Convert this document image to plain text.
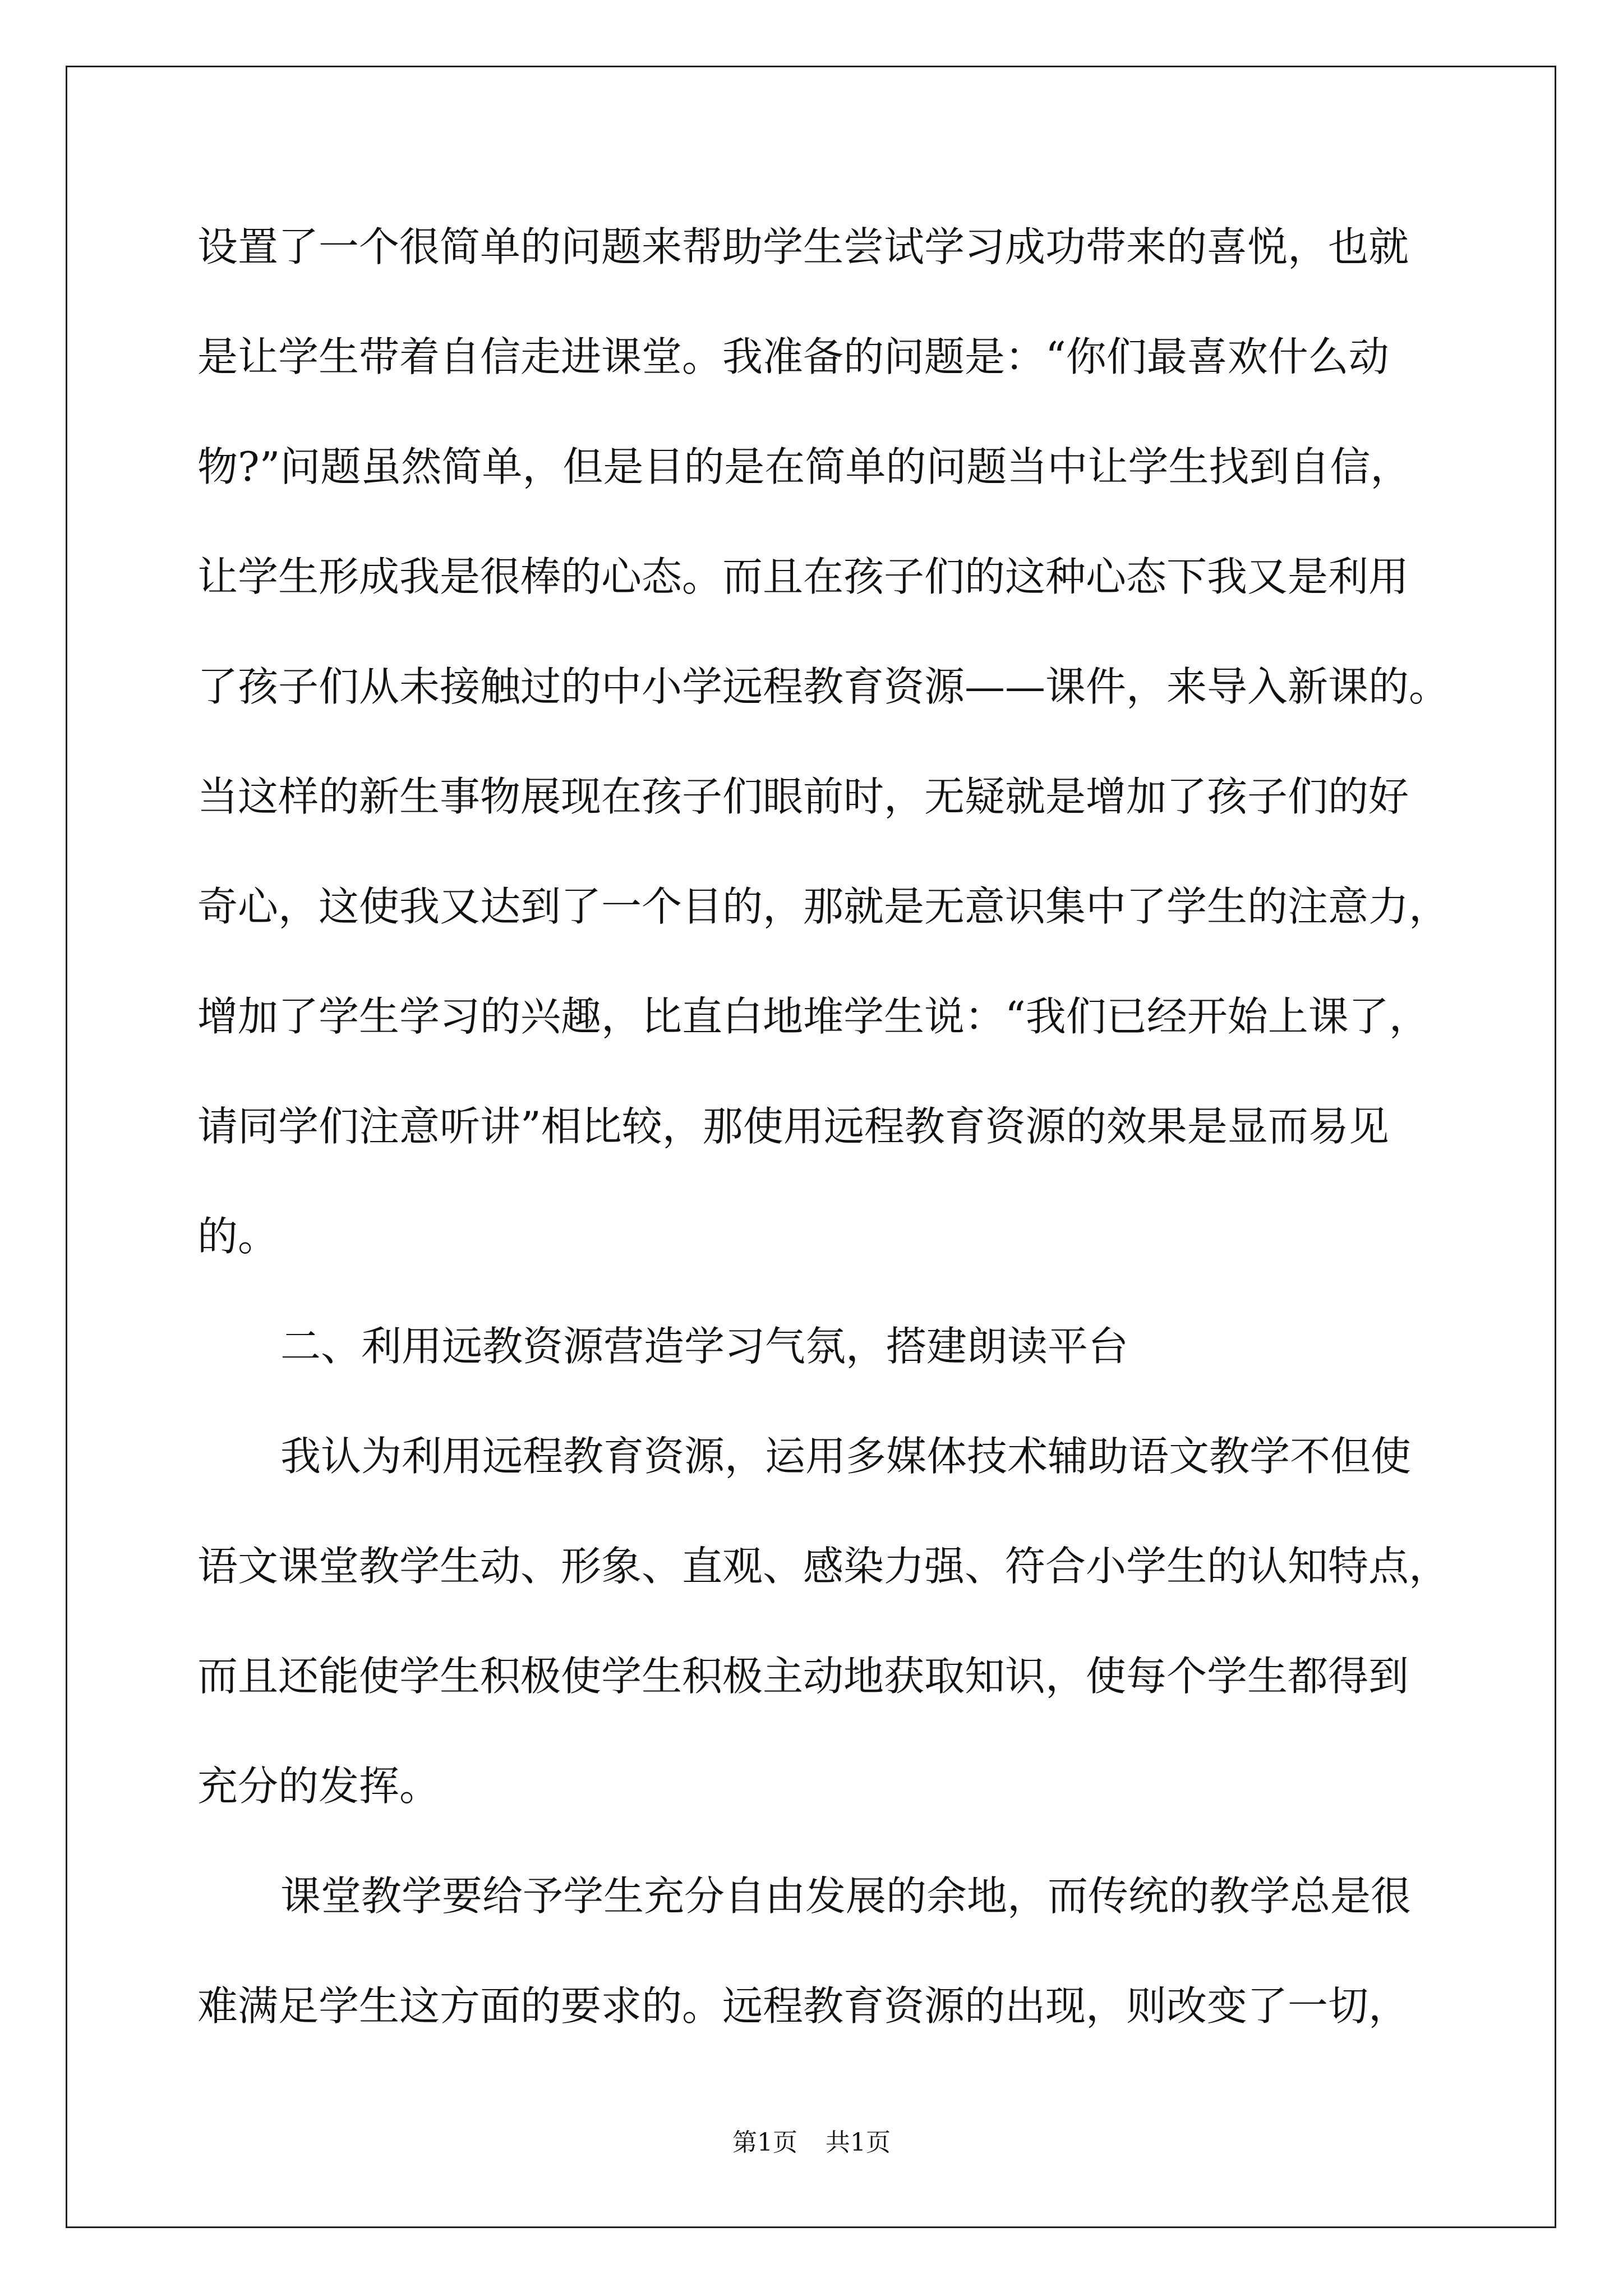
设置了一个很简单的问题来帮助学生尝试学习成功带来的喜悦，也就
是让学生带着自信走进课堂。我准备的问题是：“你们最喜欢什么动
物?”问题虽然简单，但是目的是在简单的问题当中让学生找到自信，
让学生形成我是很棒的心态。而且在孩子们的这种心态下我又是利用
了孩子们从未接触过的中小学远程教育资源——课件，来导入新课的。
当这样的新生事物展现在孩子们眼前时，无疑就是增加了孩子们的好
奇心，这使我又达到了一个目的，那就是无意识集中了学生的注意力，
增加了学生学习的兴趣，比直白地堆学生说：“我们已经开始上课了，
请同学们注意听讲”相比较，那使用远程教育资源的效果是显而易见
的。
二、利用远教资源营造学习气氛，搭建朗读平台
我认为利用远程教育资源，运用多媒体技术辅助语文教学不但使
语文课堂教学生动、形象、直观、感染力强、符合小学生的认知特点，
而且还能使学生积极使学生积极主动地获取知识，使每个学生都得到
充分的发挥。
课堂教学要给予学生充分自由发展的余地，而传统的教学总是很
难满足学生这方面的要求的。远程教育资源的出现，则改变了一切，
第1页 共1页
